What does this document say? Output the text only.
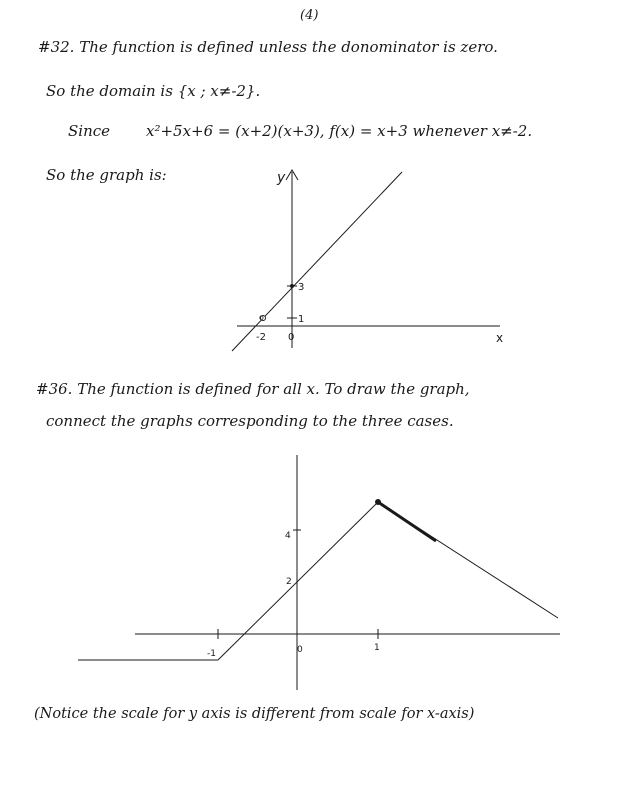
(4)
#32. The function is defined unless the donominator is zero.
So the domain is {x ; x≠-2}.
Since x²+5x+6 = (x+2)(x+3), f(x) = x+3 whenever x≠-2.
So the graph is:	y
x
3
1
-2 0
o
4
2
-1	0	1
#36. The function is defined for all x. To draw the graph,
connect the graphs corresponding to the three cases.
(Notice the scale for y axis is different from scale for x-axis)
